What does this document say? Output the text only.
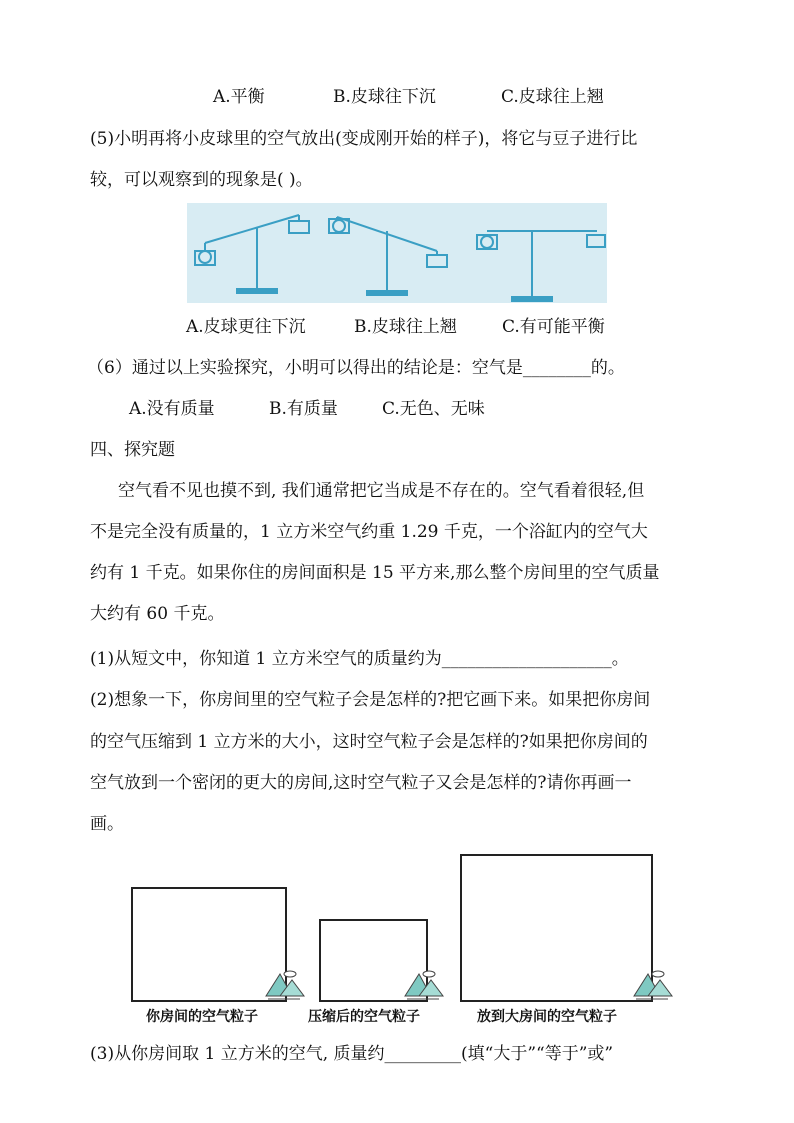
A.平衡	B.皮球往下沉	C.皮球往上翘
(5)小明再将小皮球里的空气放出(变成刚开始的样子)，将它与豆子进行比
较，可以观察到的现象是( )。
A.皮球更往下沉	B.皮球往上翘	C.有可能平衡
（6）通过以上实验探究，小明可以得出的结论是：空气是________的。
A.没有质量	B.有质量	C.无色、无味
四、探究题
空气看不见也摸不到, 我们通常把它当成是不存在的。空气看着很轻,但
不是完全没有质量的，1 立方米空气约重 1.29 千克，一个浴缸内的空气大
约有 1 千克。如果你住的房间面积是 15 平方来,那么整个房间里的空气质量
大约有 60 千克。
(1)从短文中，你知道 1 立方米空气的质量约为____________________。
(2)想象一下，你房间里的空气粒子会是怎样的?把它画下来。如果把你房间
的空气压缩到 1 立方米的大小，这时空气粒子会是怎样的?如果把你房间的
空气放到一个密闭的更大的房间,这时空气粒子又会是怎样的?请你再画一
画。
你房间的空气粒子	压缩后的空气粒子	放到大房间的空气粒子
(3)从你房间取 1 立方米的空气, 质量约_________(填“大于”“等于”或”
